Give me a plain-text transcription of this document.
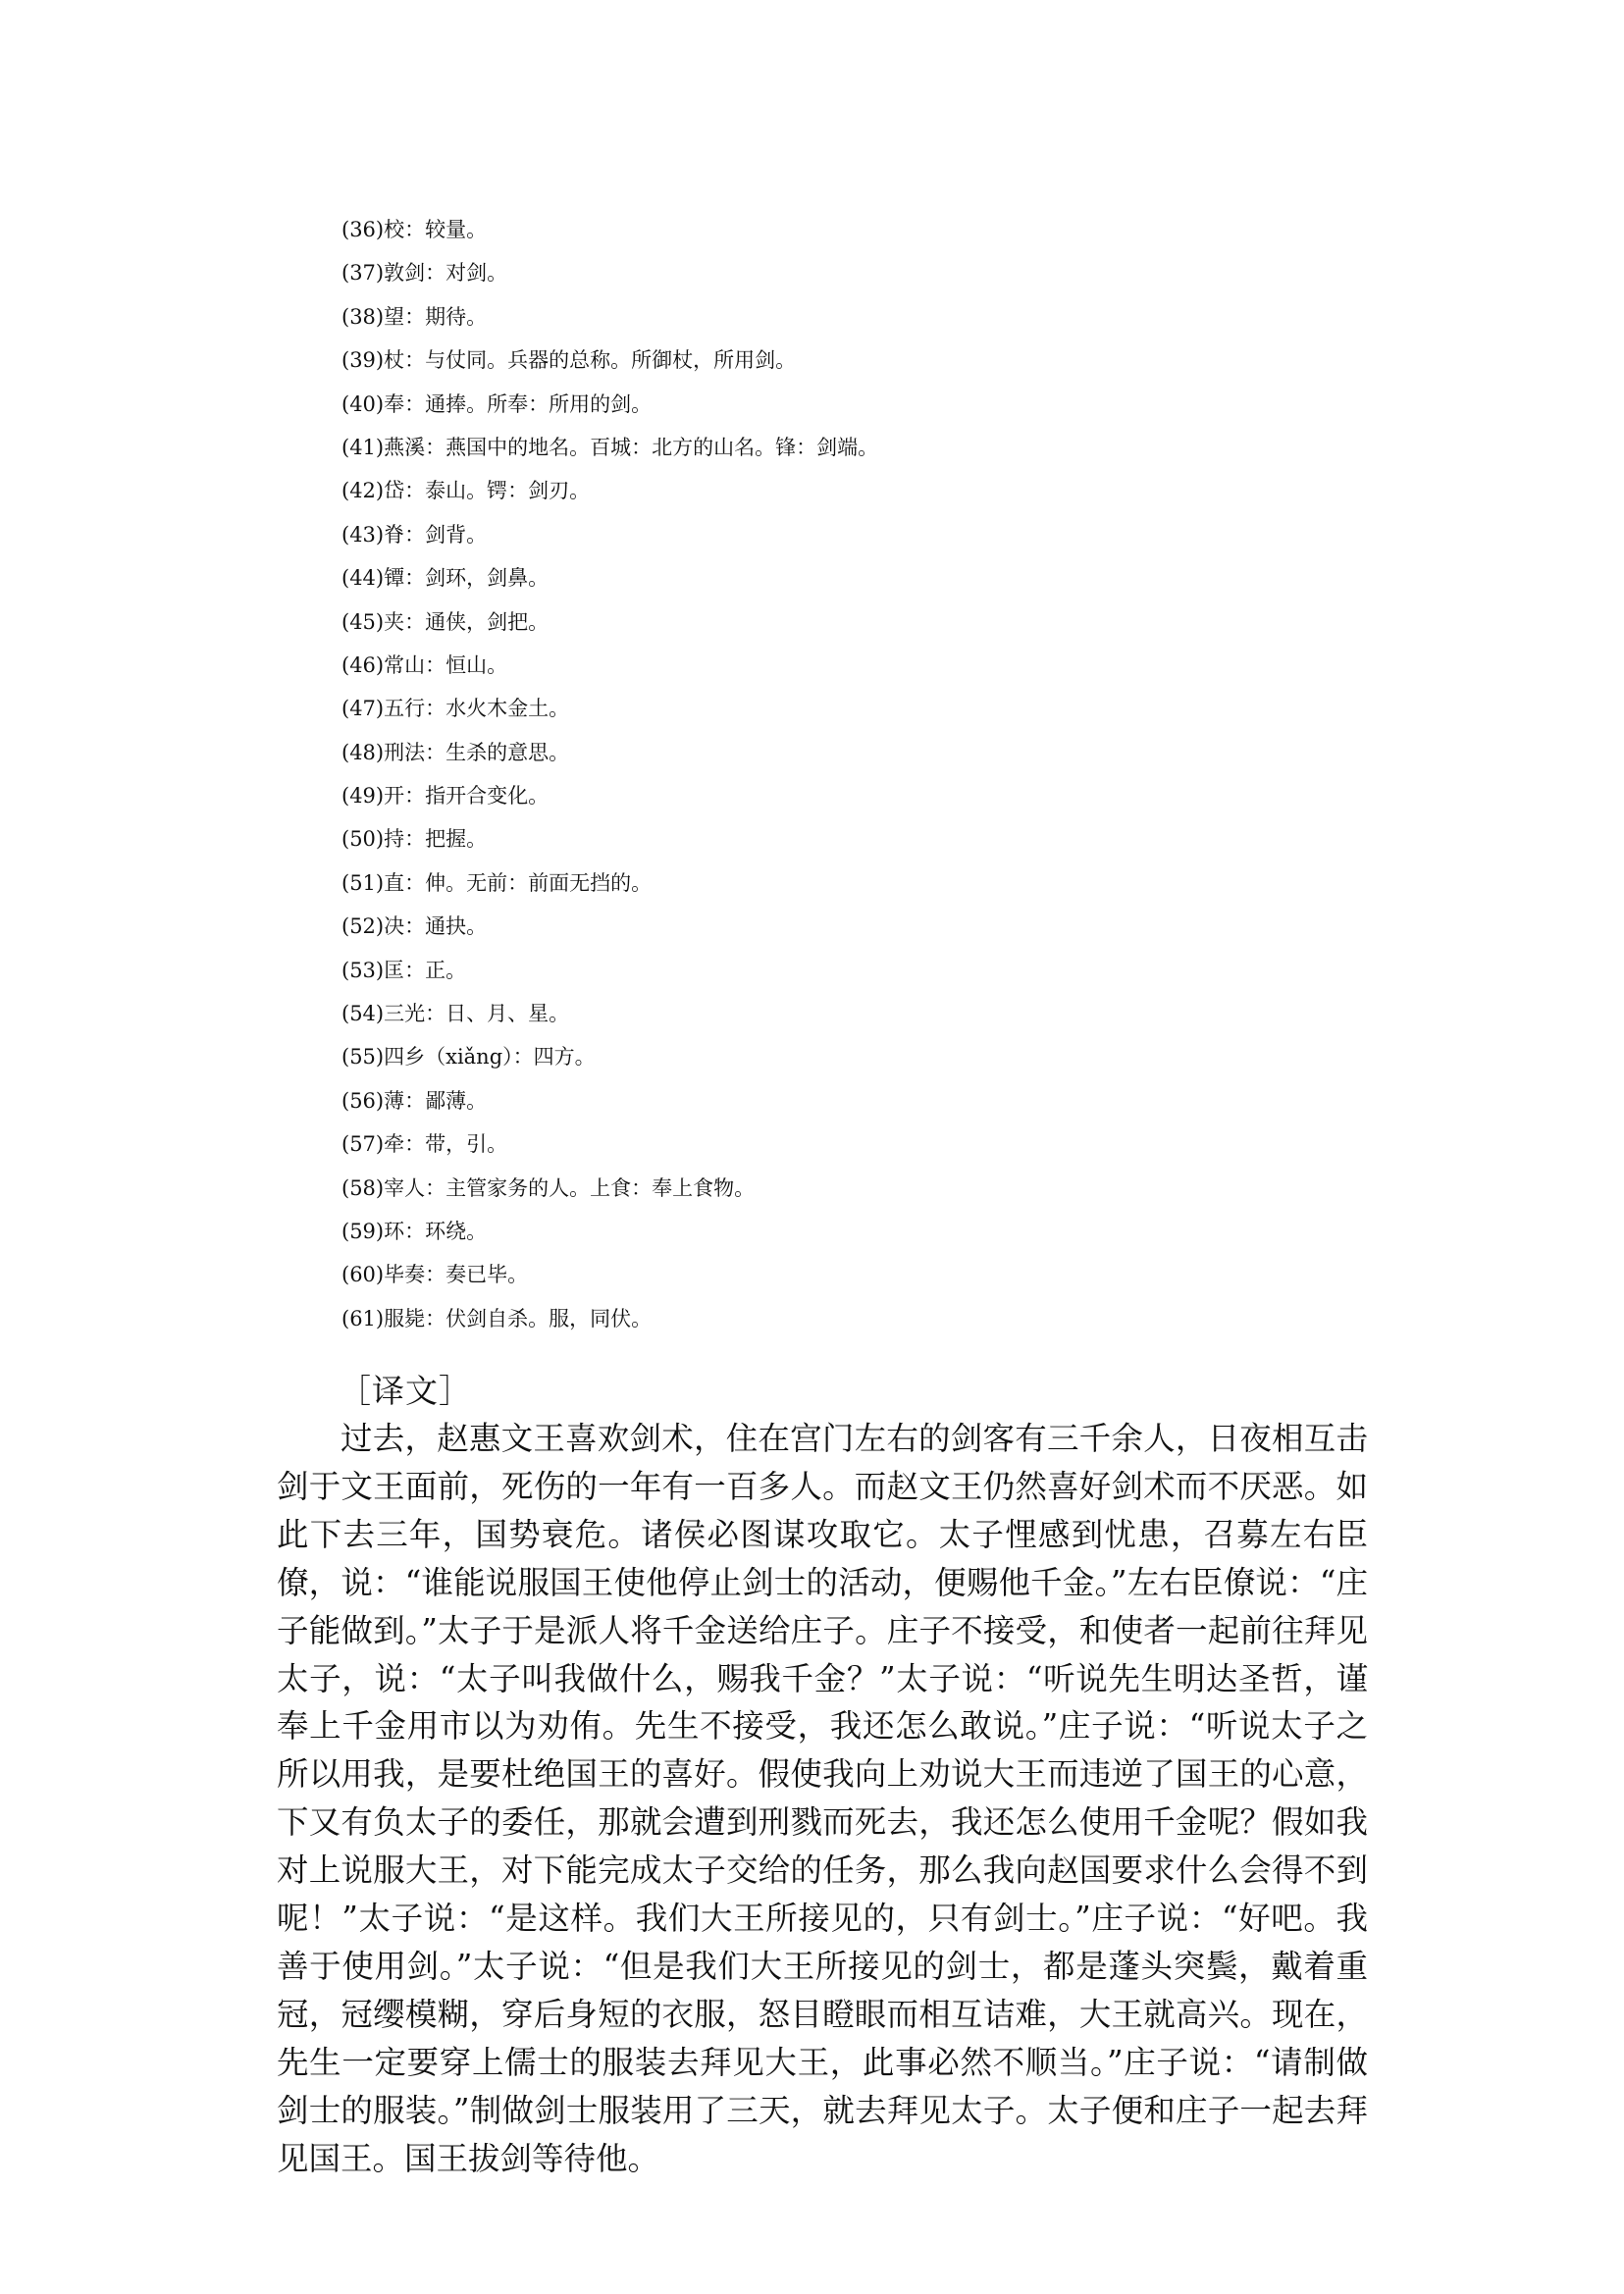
(36)校：较量。
(37)敦剑：对剑。
(38)望：期待。
(39)杖：与仗同。兵器的总称。所御杖，所用剑。
(40)奉：通捧。所奉：所用的剑。
(41)燕溪：燕国中的地名。百城：北方的山名。锋：剑端。
(42)岱：泰山。锷：剑刃。
(43)脊：剑背。
(44)镡：剑环，剑鼻。
(45)夹：通侠，剑把。
(46)常山：恒山。
(47)五行：水火木金土。
(48)刑法：生杀的意思。
(49)开：指开合变化。
(50)持：把握。
(51)直：伸。无前：前面无挡的。
(52)决：通抉。
(53)匡：正。
(54)三光：日、月、星。
(55)四乡（xiǎng）：四方。
(56)薄：鄙薄。
(57)牵：带，引。
(58)宰人：主管家务的人。上食：奉上食物。
(59)环：环绕。
(60)毕奏：奏已毕。
(61)服毙：伏剑自杀。服，同伏。
［译文］

过去，赵惠文王喜欢剑术，住在宫门左右的剑客有三千余人，日夜相互击剑于文王面前，死伤的一年有一百多人。而赵文王仍然喜好剑术而不厌恶。如此下去三年，国势衰危。诸侯必图谋攻取它。太子悝感到忧患，召募左右臣僚，说：“谁能说服国王使他停止剑士的活动，便赐他千金。”左右臣僚说：“庄子能做到。”太子于是派人将千金送给庄子。庄子不接受，和使者一起前往拜见太子，说：“太子叫我做什么，赐我千金？”太子说：“听说先生明达圣哲，谨奉上千金用市以为劝侑。先生不接受，我还怎么敢说。”庄子说：“听说太子之所以用我，是要杜绝国王的喜好。假使我向上劝说大王而违逆了国王的心意，下又有负太子的委任，那就会遭到刑戮而死去，我还怎么使用千金呢？假如我对上说服大王，对下能完成太子交给的任务，那么我向赵国要求什么会得不到呢！”太子说：“是这样。我们大王所接见的，只有剑士。”庄子说：“好吧。我善于使用剑。”太子说：“但是我们大王所接见的剑士，都是蓬头突鬓，戴着重冠，冠缨模糊，穿后身短的衣服，怒目瞪眼而相互诘难，大王就高兴。现在，先生一定要穿上儒士的服装去拜见大王，此事必然不顺当。”庄子说：“请制做剑士的服装。”制做剑士服装用了三天，就去拜见太子。太子便和庄子一起去拜见国王。国王拔剑等待他。
